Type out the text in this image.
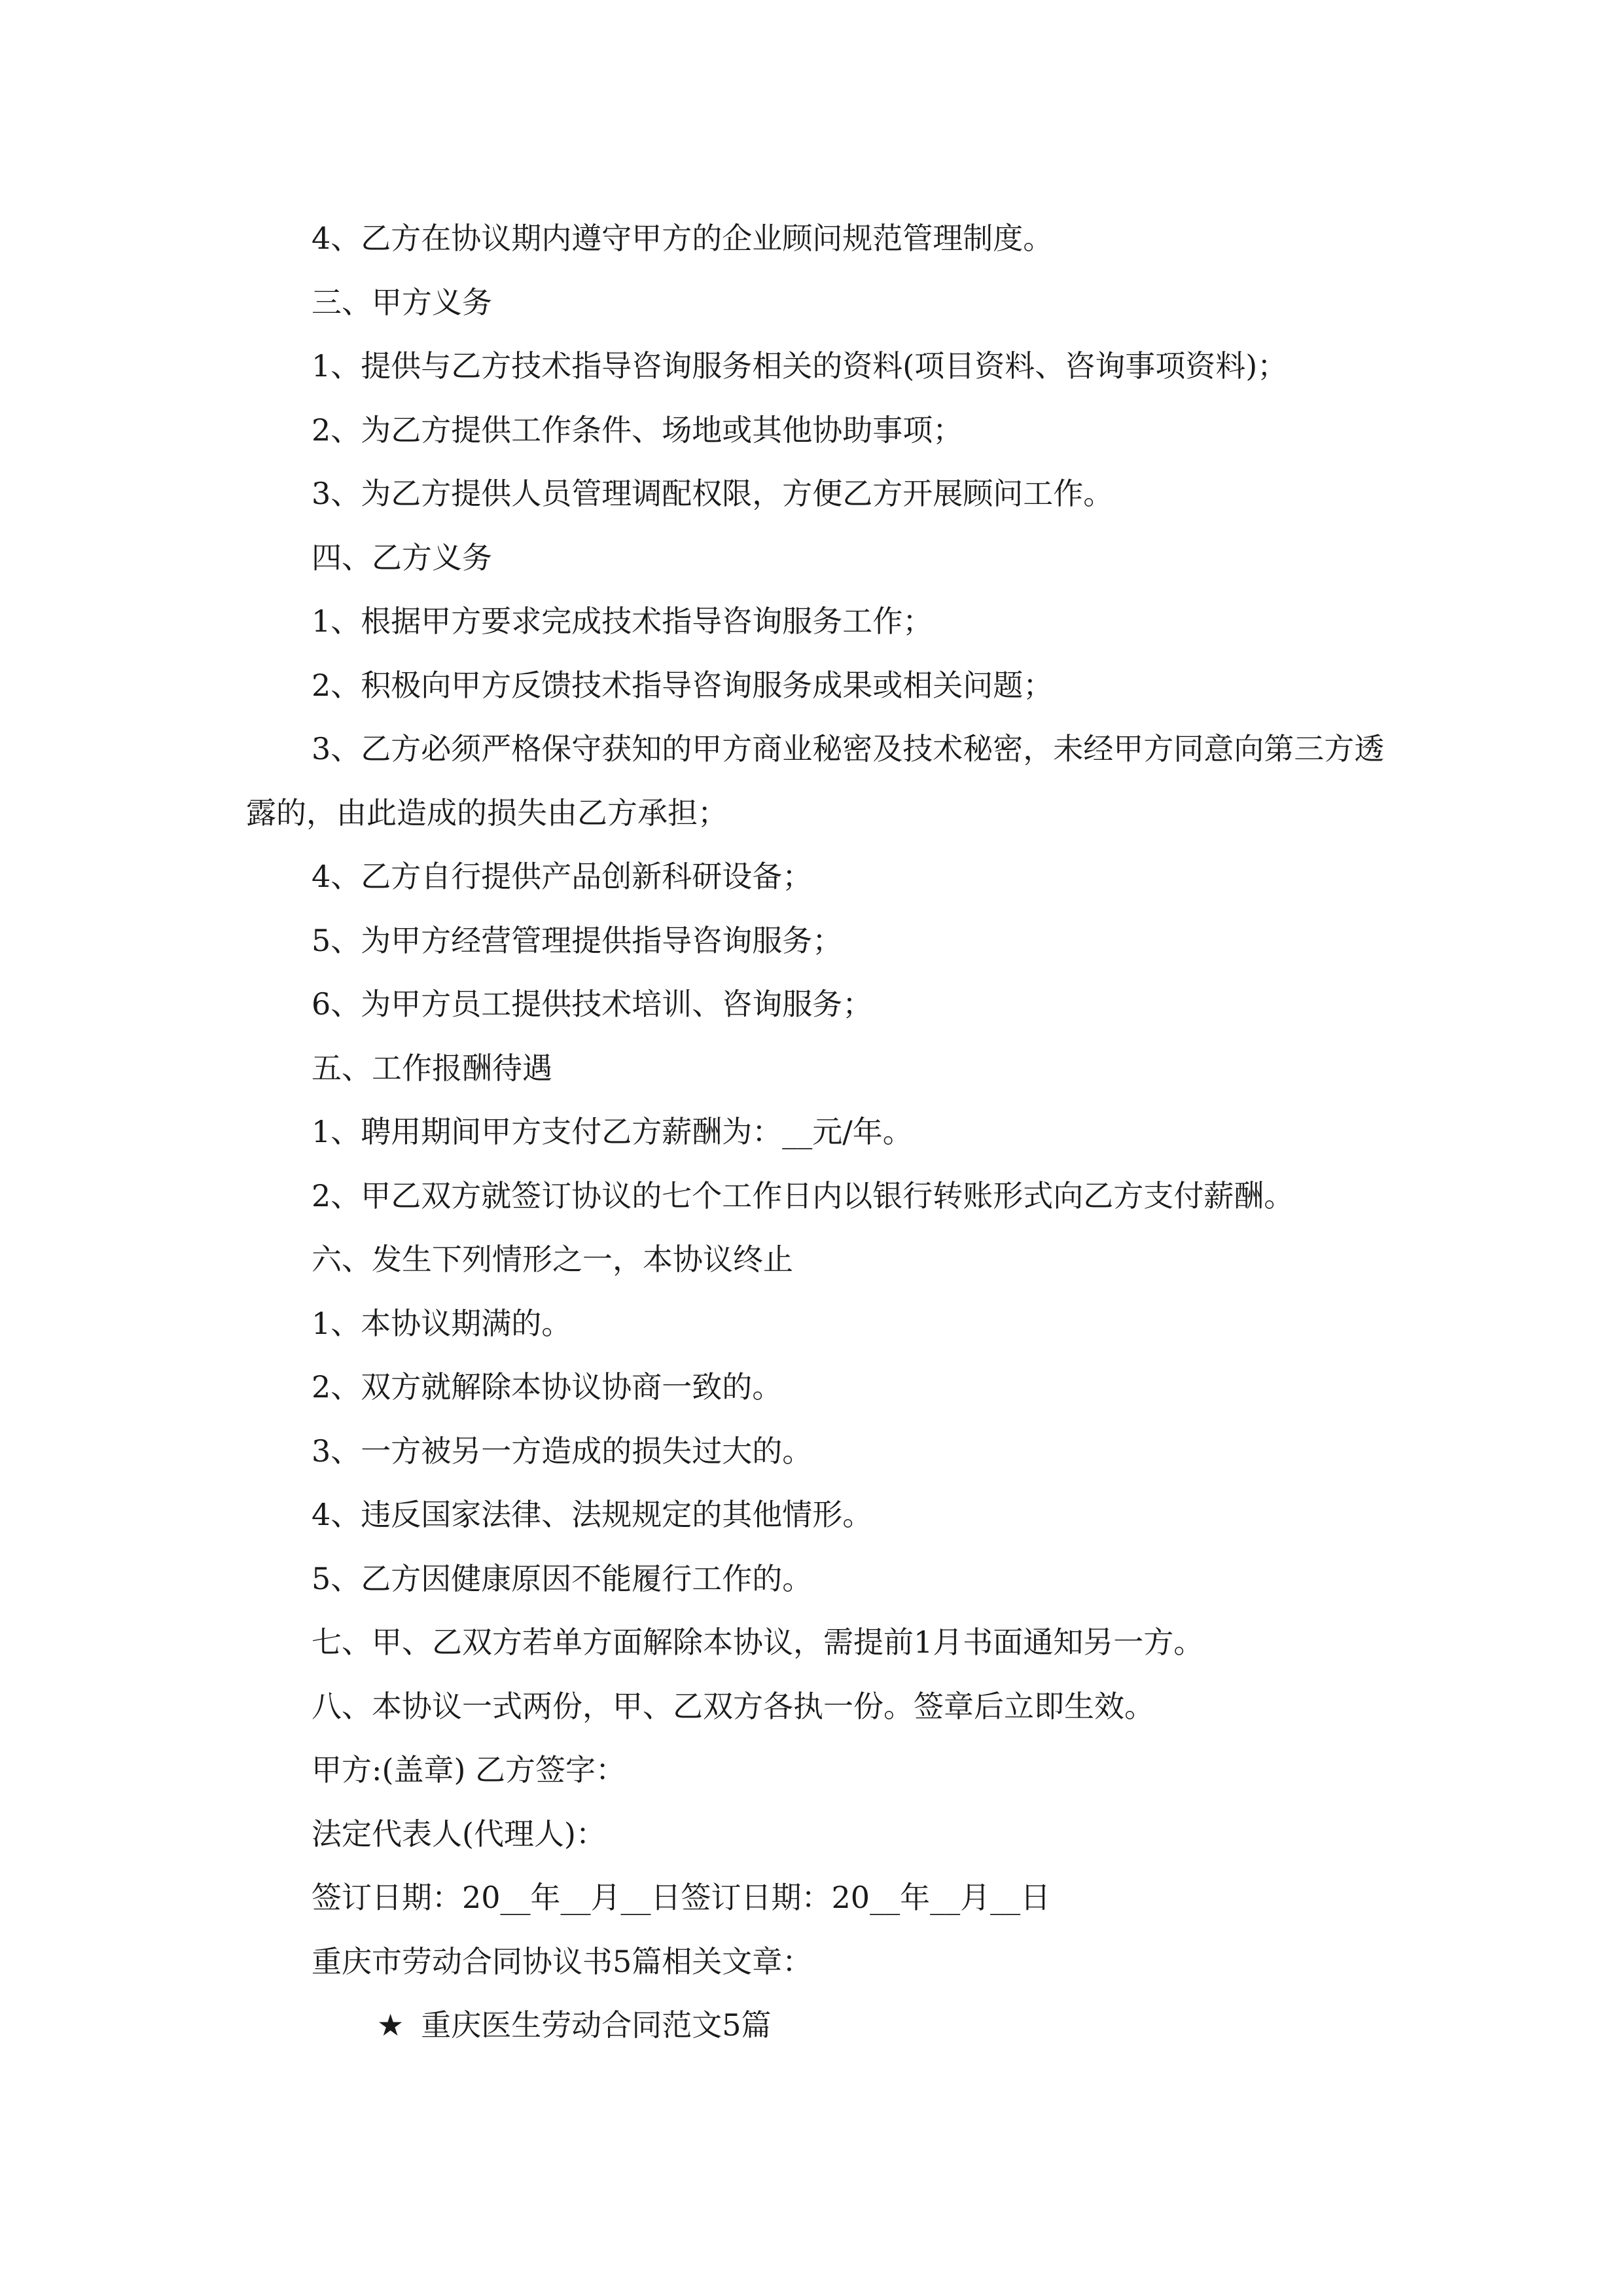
4、乙方在协议期内遵守甲方的企业顾问规范管理制度。

三、甲方义务

1、提供与乙方技术指导咨询服务相关的资料(项目资料、咨询事项资料)；

2、为乙方提供工作条件、场地或其他协助事项；

3、为乙方提供人员管理调配权限，方便乙方开展顾问工作。

四、乙方义务

1、根据甲方要求完成技术指导咨询服务工作；

2、积极向甲方反馈技术指导咨询服务成果或相关问题；

3、乙方必须严格保守获知的甲方商业秘密及技术秘密，未经甲方同意向第三方透露的，由此造成的损失由乙方承担；

4、乙方自行提供产品创新科研设备；

5、为甲方经营管理提供指导咨询服务；

6、为甲方员工提供技术培训、咨询服务；

五、工作报酬待遇

1、聘用期间甲方支付乙方薪酬为：__元/年。

2、甲乙双方就签订协议的七个工作日内以银行转账形式向乙方支付薪酬。

六、发生下列情形之一，本协议终止

1、本协议期满的。

2、双方就解除本协议协商一致的。

3、一方被另一方造成的损失过大的。

4、违反国家法律、法规规定的其他情形。

5、乙方因健康原因不能履行工作的。

七、甲、乙双方若单方面解除本协议，需提前1月书面通知另一方。

八、本协议一式两份，甲、乙双方各执一份。签章后立即生效。

甲方:(盖章) 乙方签字：

法定代表人(代理人)：

签订日期：20__年__月__日签订日期：20__年__月__日

重庆市劳动合同协议书5篇相关文章：

★ 重庆医生劳动合同范文5篇
